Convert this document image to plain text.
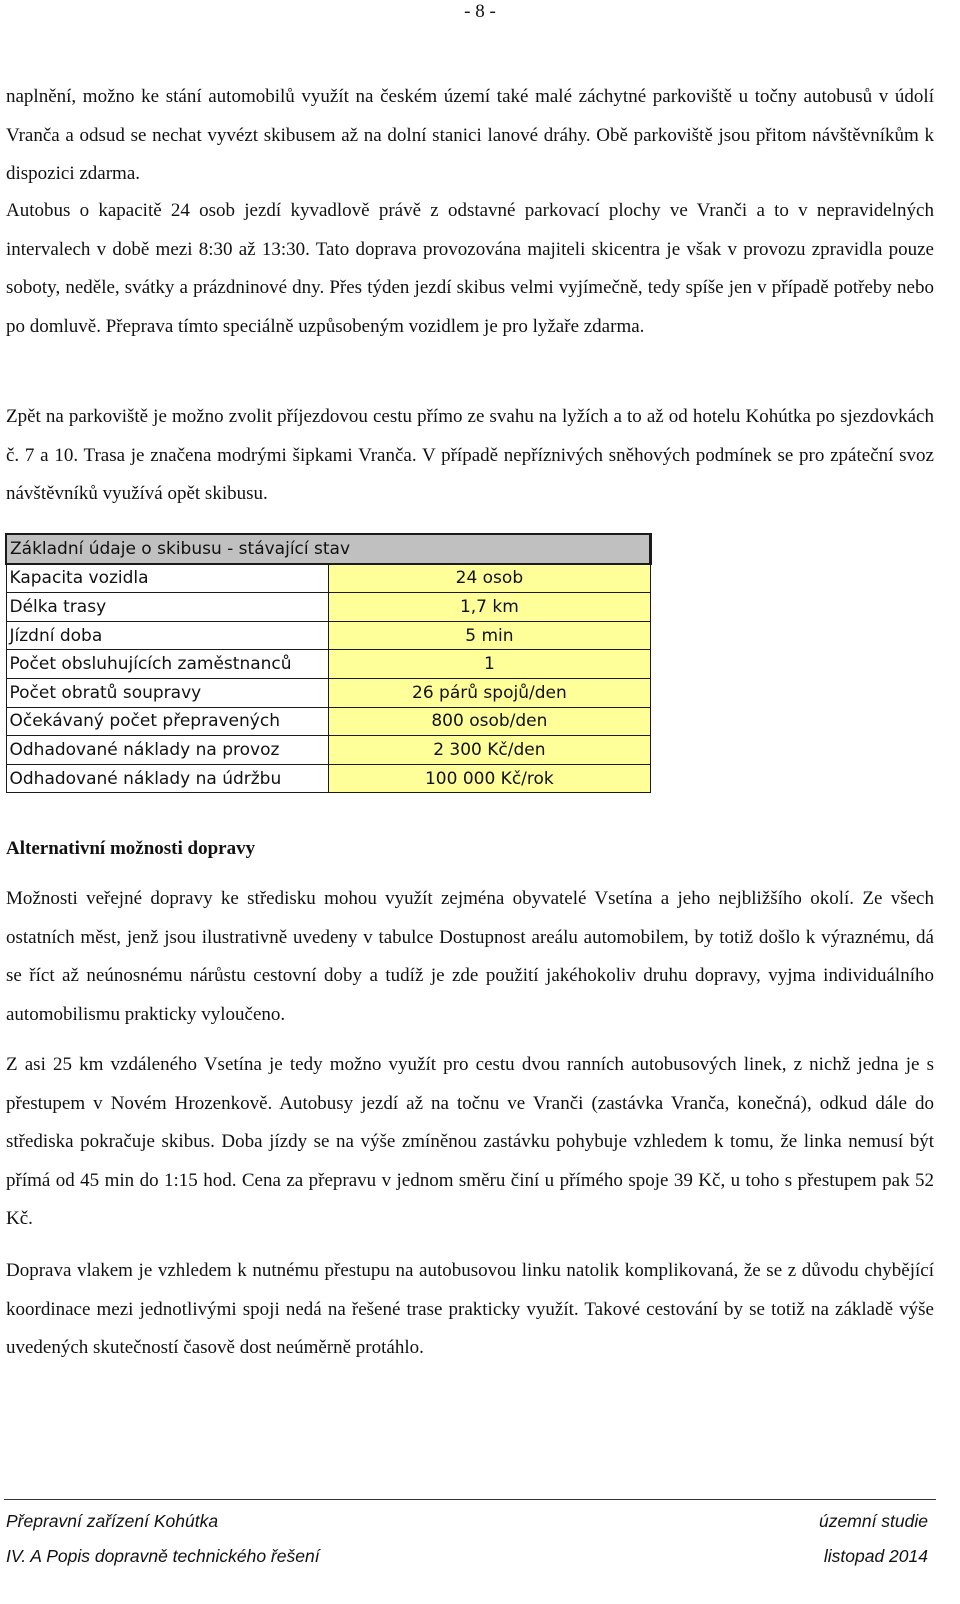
- 8 -

naplnění, možno ke stání automobilů využít na českém území také malé záchytné parkoviště u točny autobusů v údolí Vranča a odsud se nechat vyvézt skibusem až na dolní stanici lanové dráhy. Obě parkoviště jsou přitom návštěvníkům k dispozici zdarma.

Autobus o kapacitě 24 osob jezdí kyvadlově právě z odstavné parkovací plochy ve Vranči a to v nepravidelných intervalech v době mezi 8:30 až 13:30. Tato doprava provozována majiteli skicentra je však v provozu zpravidla pouze soboty, neděle, svátky a prázdninové dny. Přes týden jezdí skibus velmi vyjímečně, tedy spíše jen v případě potřeby nebo po domluvě. Přeprava tímto speciálně uzpůsobeným vozidlem je pro lyžaře zdarma.

Zpět na parkoviště je možno zvolit příjezdovou cestu přímo ze svahu na lyžích a to až od hotelu Kohútka po sjezdovkách č. 7 a 10. Trasa je značena modrými šipkami Vranča. V případě nepříznivých sněhových podmínek se pro zpáteční svoz návštěvníků využívá opět skibusu.

Základní údaje o skibusu - stávající stav	
Kapacita vozidla	24 osob
Délka trasy	1,7 km
Jízdní doba	5 min
Počet obsluhujících zaměstnanců	1
Počet obratů soupravy	26 párů spojů/den
Očekávaný počet přepravených	800 osob/den
Odhadované náklady na provoz	2 300 Kč/den
Odhadované náklady na údržbu	100 000 Kč/rok
Alternativní možnosti dopravy

Možnosti veřejné dopravy ke středisku mohou využít zejména obyvatelé Vsetína a jeho nejbližšího okolí. Ze všech ostatních měst, jenž jsou ilustrativně uvedeny v tabulce Dostupnost areálu automobilem, by totiž došlo k výraznému, dá se říct až neúnosnému nárůstu cestovní doby a tudíž je zde použití jakéhokoliv druhu dopravy, vyjma individuálního automobilismu prakticky vyloučeno.

Z asi 25 km vzdáleného Vsetína je tedy možno využít pro cestu dvou ranních autobusových linek, z nichž jedna je s přestupem v Novém Hrozenkově. Autobusy jezdí až na točnu ve Vranči (zastávka Vranča, konečná), odkud dále do střediska pokračuje skibus. Doba jízdy se na výše zmíněnou zastávku pohybuje vzhledem k tomu, že linka nemusí být přímá od 45 min do 1:15 hod. Cena za přepravu v jednom směru činí u přímého spoje 39 Kč, u toho s přestupem pak 52 Kč.

Doprava vlakem je vzhledem k nutnému přestupu na autobusovou linku natolik komplikovaná, že se z důvodu chybějící koordinace mezi jednotlivými spoji nedá na řešené trase prakticky využít. Takové cestování by se totiž na základě výše uvedených skutečností časově dost neúměrně protáhlo.

Přepravní zařízení Kohútka	územní studie
IV. A Popis dopravně technického řešení	listopad 2014
